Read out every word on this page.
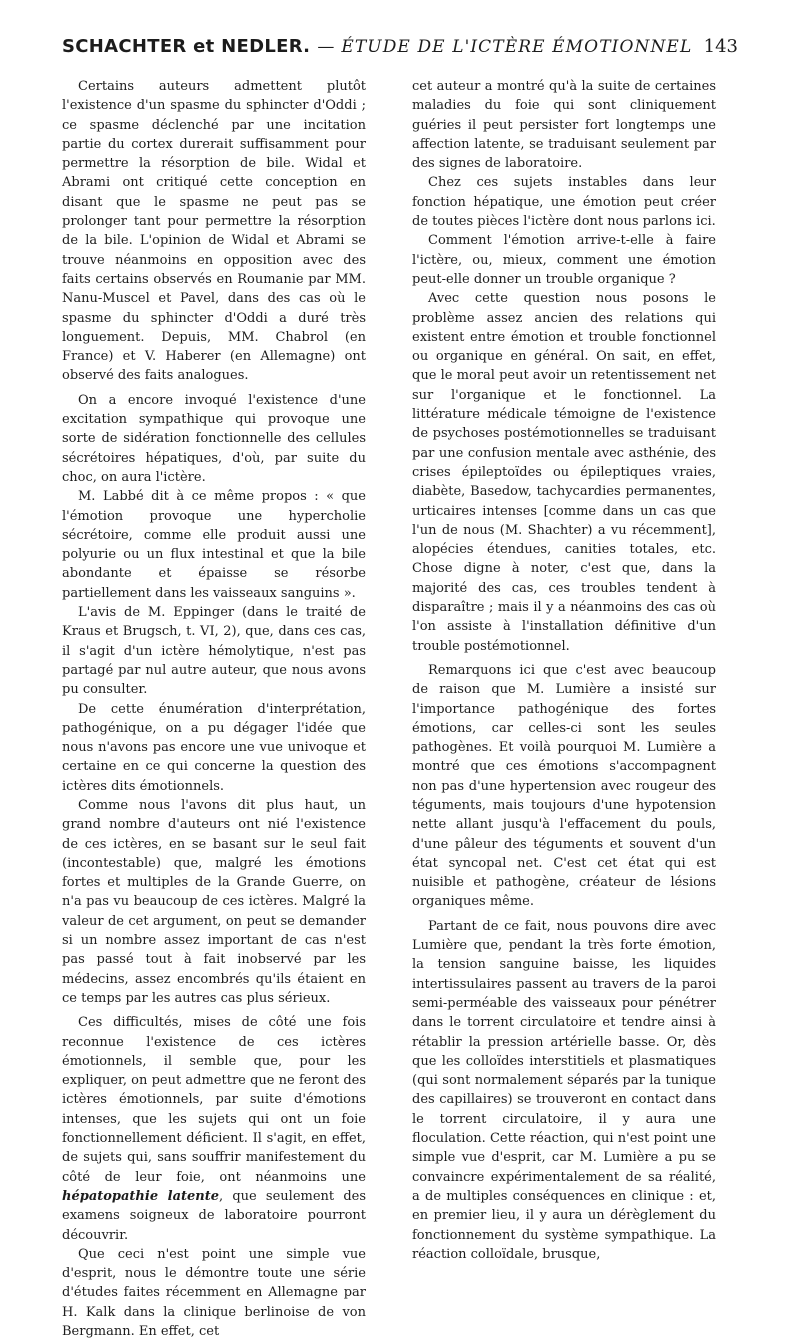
SCHACHTER et NEDLER. — ÉTUDE DE L'ICTÈRE ÉMOTIONNEL 143

Certains auteurs admettent plutôt l'existence d'un spasme du sphincter d'Oddi ; ce spasme déclenché par une incitation partie du cortex durerait suffisamment pour permettre la résorption de bile. Widal et Abrami ont critiqué cette conception en disant que le spasme ne peut pas se prolonger tant pour permettre la résorption de la bile. L'opinion de Widal et Abrami se trouve néanmoins en opposition avec des faits certains observés en Roumanie par MM. Nanu-Muscel et Pavel, dans des cas où le spasme du sphincter d'Oddi a duré très longuement. Depuis, MM. Chabrol (en France) et V. Haberer (en Allemagne) ont observé des faits analogues.

On a encore invoqué l'existence d'une excitation sympathique qui provoque une sorte de sidération fonctionnelle des cellules sécrétoires hépatiques, d'où, par suite du choc, on aura l'ictère.

M. Labbé dit à ce même propos : « que l'émotion provoque une hypercholie sécrétoire, comme elle produit aussi une polyurie ou un flux intestinal et que la bile abondante et épaisse se résorbe partiellement dans les vaisseaux sanguins ».

L'avis de M. Eppinger (dans le traité de Kraus et Brugsch, t. VI, 2), que, dans ces cas, il s'agit d'un ictère hémolytique, n'est pas partagé par nul autre auteur, que nous avons pu consulter.

De cette énumération d'interprétation, pathogénique, on a pu dégager l'idée que nous n'avons pas encore une vue univoque et certaine en ce qui concerne la question des ictères dits émotionnels.

Comme nous l'avons dit plus haut, un grand nombre d'auteurs ont nié l'existence de ces ictères, en se basant sur le seul fait (incontestable) que, malgré les émotions fortes et multiples de la Grande Guerre, on n'a pas vu beaucoup de ces ictères. Malgré la valeur de cet argument, on peut se demander si un nombre assez important de cas n'est pas passé tout à fait inobservé par les médecins, assez encombrés qu'ils étaient en ce temps par les autres cas plus sérieux.

Ces difficultés, mises de côté une fois reconnue l'existence de ces ictères émotionnels, il semble que, pour les expliquer, on peut admettre que ne feront des ictères émotionnels, par suite d'émotions intenses, que les sujets qui ont un foie fonctionnellement déficient. Il s'agit, en effet, de sujets qui, sans souffrir manifestement du côté de leur foie, ont néanmoins une hépatopathie latente, que seulement des examens soigneux de laboratoire pourront découvrir.

Que ceci n'est point une simple vue d'esprit, nous le démontre toute une série d'études faites récemment en Allemagne par H. Kalk dans la clinique berlinoise de von Bergmann. En effet, cet

cet auteur a montré qu'à la suite de certaines maladies du foie qui sont cliniquement guéries il peut persister fort longtemps une affection latente, se traduisant seulement par des signes de laboratoire.

Chez ces sujets instables dans leur fonction hépatique, une émotion peut créer de toutes pièces l'ictère dont nous parlons ici.

Comment l'émotion arrive-t-elle à faire l'ictère, ou, mieux, comment une émotion peut-elle donner un trouble organique ?

Avec cette question nous posons le problème assez ancien des relations qui existent entre émotion et trouble fonctionnel ou organique en général. On sait, en effet, que le moral peut avoir un retentissement net sur l'organique et le fonctionnel. La littérature médicale témoigne de l'existence de psychoses postémotionnelles se traduisant par une confusion mentale avec asthénie, des crises épileptoïdes ou épileptiques vraies, diabète, Basedow, tachycardies permanentes, urticaires intenses [comme dans un cas que l'un de nous (M. Shachter) a vu récemment], alopécies étendues, canities totales, etc. Chose digne à noter, c'est que, dans la majorité des cas, ces troubles tendent à disparaître ; mais il y a néanmoins des cas où l'on assiste à l'installation définitive d'un trouble postémotionnel.

Remarquons ici que c'est avec beaucoup de raison que M. Lumière a insisté sur l'importance pathogénique des fortes émotions, car celles-ci sont les seules pathogènes. Et voilà pourquoi M. Lumière a montré que ces émotions s'accompagnent non pas d'une hypertension avec rougeur des téguments, mais toujours d'une hypotension nette allant jusqu'à l'effacement du pouls, d'une pâleur des téguments et souvent d'un état syncopal net. C'est cet état qui est nuisible et pathogène, créateur de lésions organiques même.

Partant de ce fait, nous pouvons dire avec Lumière que, pendant la très forte émotion, la tension sanguine baisse, les liquides intertissulaires passent au travers de la paroi semi-perméable des vaisseaux pour pénétrer dans le torrent circulatoire et tendre ainsi à rétablir la pression artérielle basse. Or, dès que les colloïdes interstitiels et plasmatiques (qui sont normalement séparés par la tunique des capillaires) se trouveront en contact dans le torrent circulatoire, il y aura une floculation. Cette réaction, qui n'est point une simple vue d'esprit, car M. Lumière a pu se convaincre expérimentalement de sa réalité, a de multiples conséquences en clinique : et, en premier lieu, il y aura un dérèglement du fonctionnement du système sympathique. La réaction colloïdale, brusque,
